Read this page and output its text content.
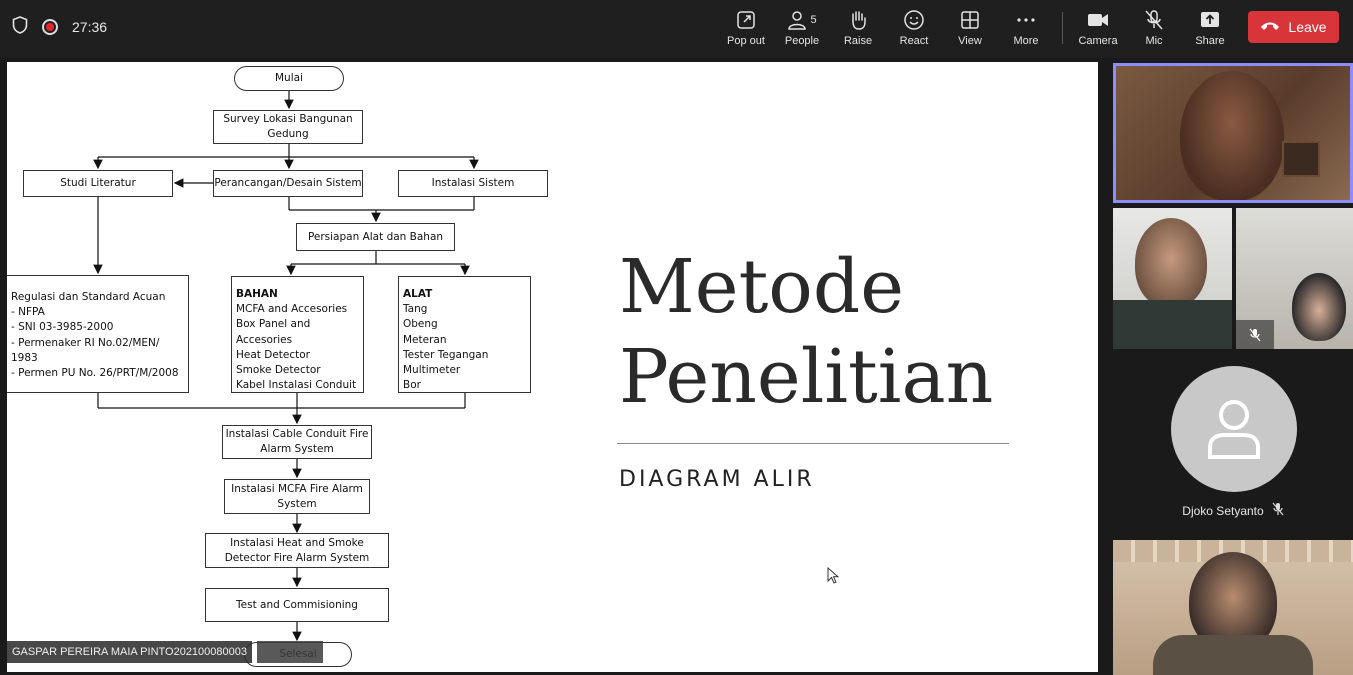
27:36
Pop out
5
People Raise	React	View	More	Camera	Mic	Share
Leave
Mulai
Survey Lokasi Bangunan Gedung
Studi Literatur	Perancangan/Desain Sistem	Instalasi Sistem
Persiapan Alat dan Bahan
Regulasi dan Standard Acuan
- NFPA
- SNI 03-3985-2000
- Permenaker RI No.02/MEN/
1983
- Permen PU No. 26/PRT/M/2008
BAHAN
MCFA and Accesories
Box Panel and
Accesories
Heat Detector
Smoke Detector
Kabel Instalasi Conduit
ALAT
Tang
Obeng
Meteran
Tester Tegangan
Multimeter
Bor
Instalasi Cable Conduit Fire Alarm System
Instalasi MCFA Fire Alarm System
Instalasi Heat and Smoke Detector Fire Alarm System
Test and Commisioning
Metode
Penelitian
DIAGRAM ALIR
GASPAR PEREIRA MAIA PINTO202100080003
Djoko Setyanto
